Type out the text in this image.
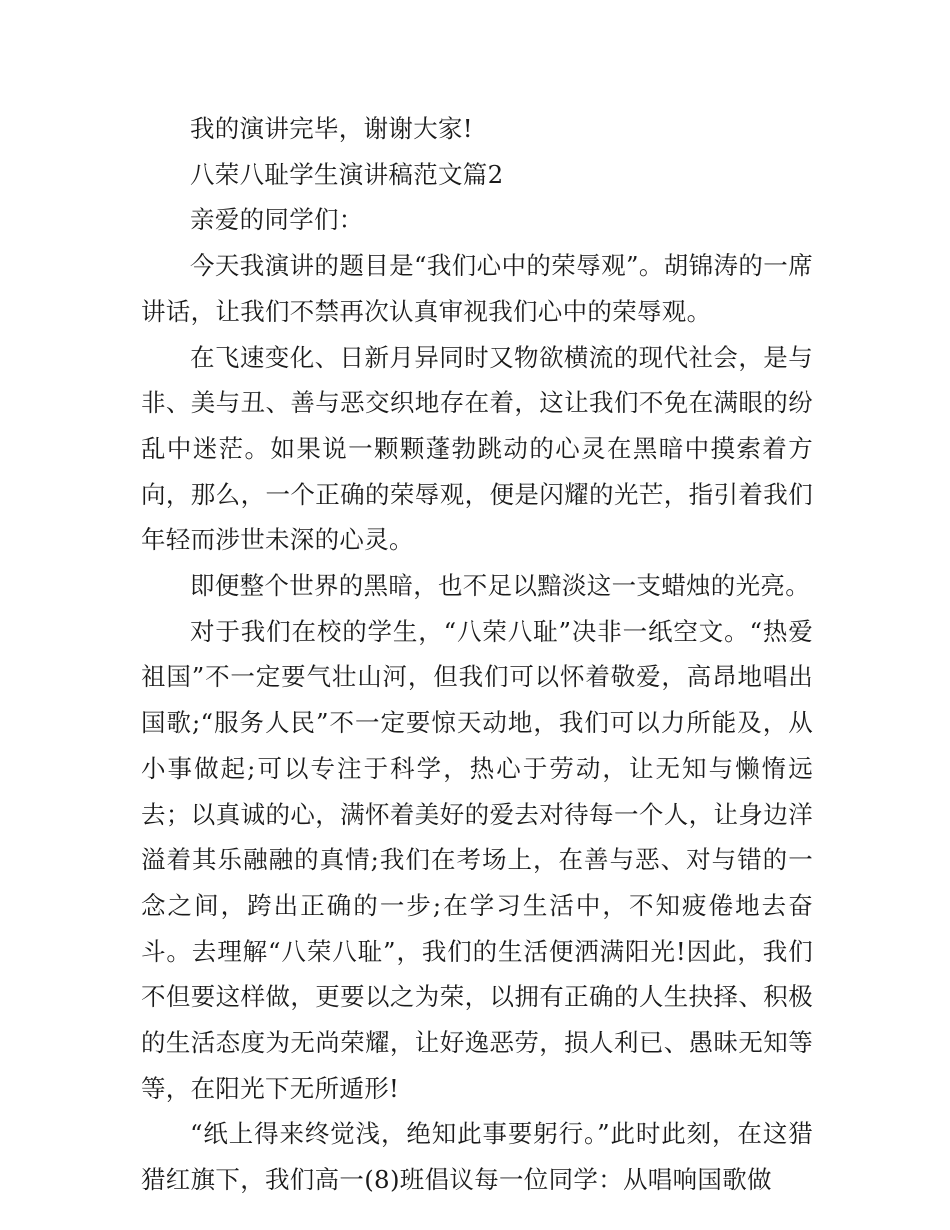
我的演讲完毕，谢谢大家!

八荣八耻学生演讲稿范文篇2

亲爱的同学们：

今天我演讲的题目是“我们心中的荣辱观”。胡锦涛的一席讲话，让我们不禁再次认真审视我们心中的荣辱观。

在飞速变化、日新月异同时又物欲横流的现代社会，是与非、美与丑、善与恶交织地存在着，这让我们不免在满眼的纷乱中迷茫。如果说一颗颗蓬勃跳动的心灵在黑暗中摸索着方向，那么，一个正确的荣辱观，便是闪耀的光芒，指引着我们年轻而涉世未深的心灵。

即便整个世界的黑暗，也不足以黯淡这一支蜡烛的光亮。

对于我们在校的学生，“八荣八耻”决非一纸空文。“热爱祖国”不一定要气壮山河，但我们可以怀着敬爱，高昂地唱出国歌;“服务人民”不一定要惊天动地，我们可以力所能及，从小事做起;可以专注于科学，热心于劳动，让无知与懒惰远去；以真诚的心，满怀着美好的爱去对待每一个人，让身边洋溢着其乐融融的真情;我们在考场上，在善与恶、对与错的一念之间，跨出正确的一步;在学习生活中，不知疲倦地去奋斗。去理解“八荣八耻”，我们的生活便洒满阳光!因此，我们不但要这样做，更要以之为荣，以拥有正确的人生抉择、积极的生活态度为无尚荣耀，让好逸恶劳，损人利已、愚昧无知等等，在阳光下无所遁形!

“纸上得来终觉浅，绝知此事要躬行。”此时此刻，在这猎猎红旗下，我们高一(8)班倡议每一位同学：从唱响国歌做
